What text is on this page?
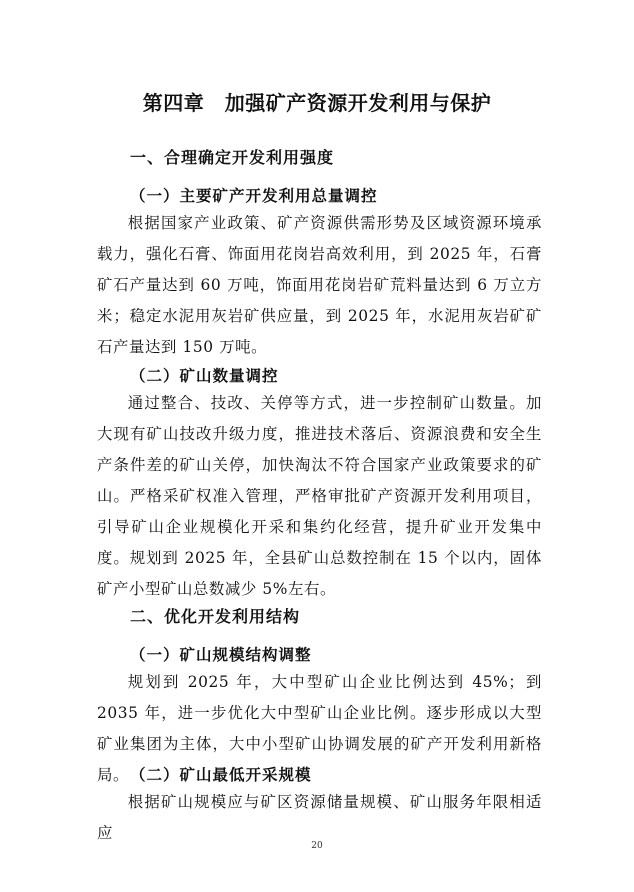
第四章　加强矿产资源开发利用与保护
一、合理确定开发利用强度
（一）主要矿产开发利用总量调控

根据国家产业政策、矿产资源供需形势及区域资源环境承载力，强化石膏、饰面用花岗岩高效利用，到 2025 年，石膏矿石产量达到 60 万吨，饰面用花岗岩矿荒料量达到 6 万立方米；稳定水泥用灰岩矿供应量，到 2025 年，水泥用灰岩矿矿石产量达到 150 万吨。

（二）矿山数量调控

通过整合、技改、关停等方式，进一步控制矿山数量。加大现有矿山技改升级力度，推进技术落后、资源浪费和安全生产条件差的矿山关停，加快淘汰不符合国家产业政策要求的矿山。严格采矿权准入管理，严格审批矿产资源开发利用项目，引导矿山企业规模化开采和集约化经营，提升矿业开发集中度。规划到 2025 年，全县矿山总数控制在 15 个以内，固体矿产小型矿山总数减少 5%左右。

二、优化开发利用结构
（一）矿山规模结构调整

规划到 2025 年，大中型矿山企业比例达到 45%；到 2035 年，进一步优化大中型矿山企业比例。逐步形成以大型矿业集团为主体，大中小型矿山协调发展的矿产开发利用新格局。 （二）矿山最低开采规模

根据矿山规模应与矿区资源储量规模、矿山服务年限相适应

20
